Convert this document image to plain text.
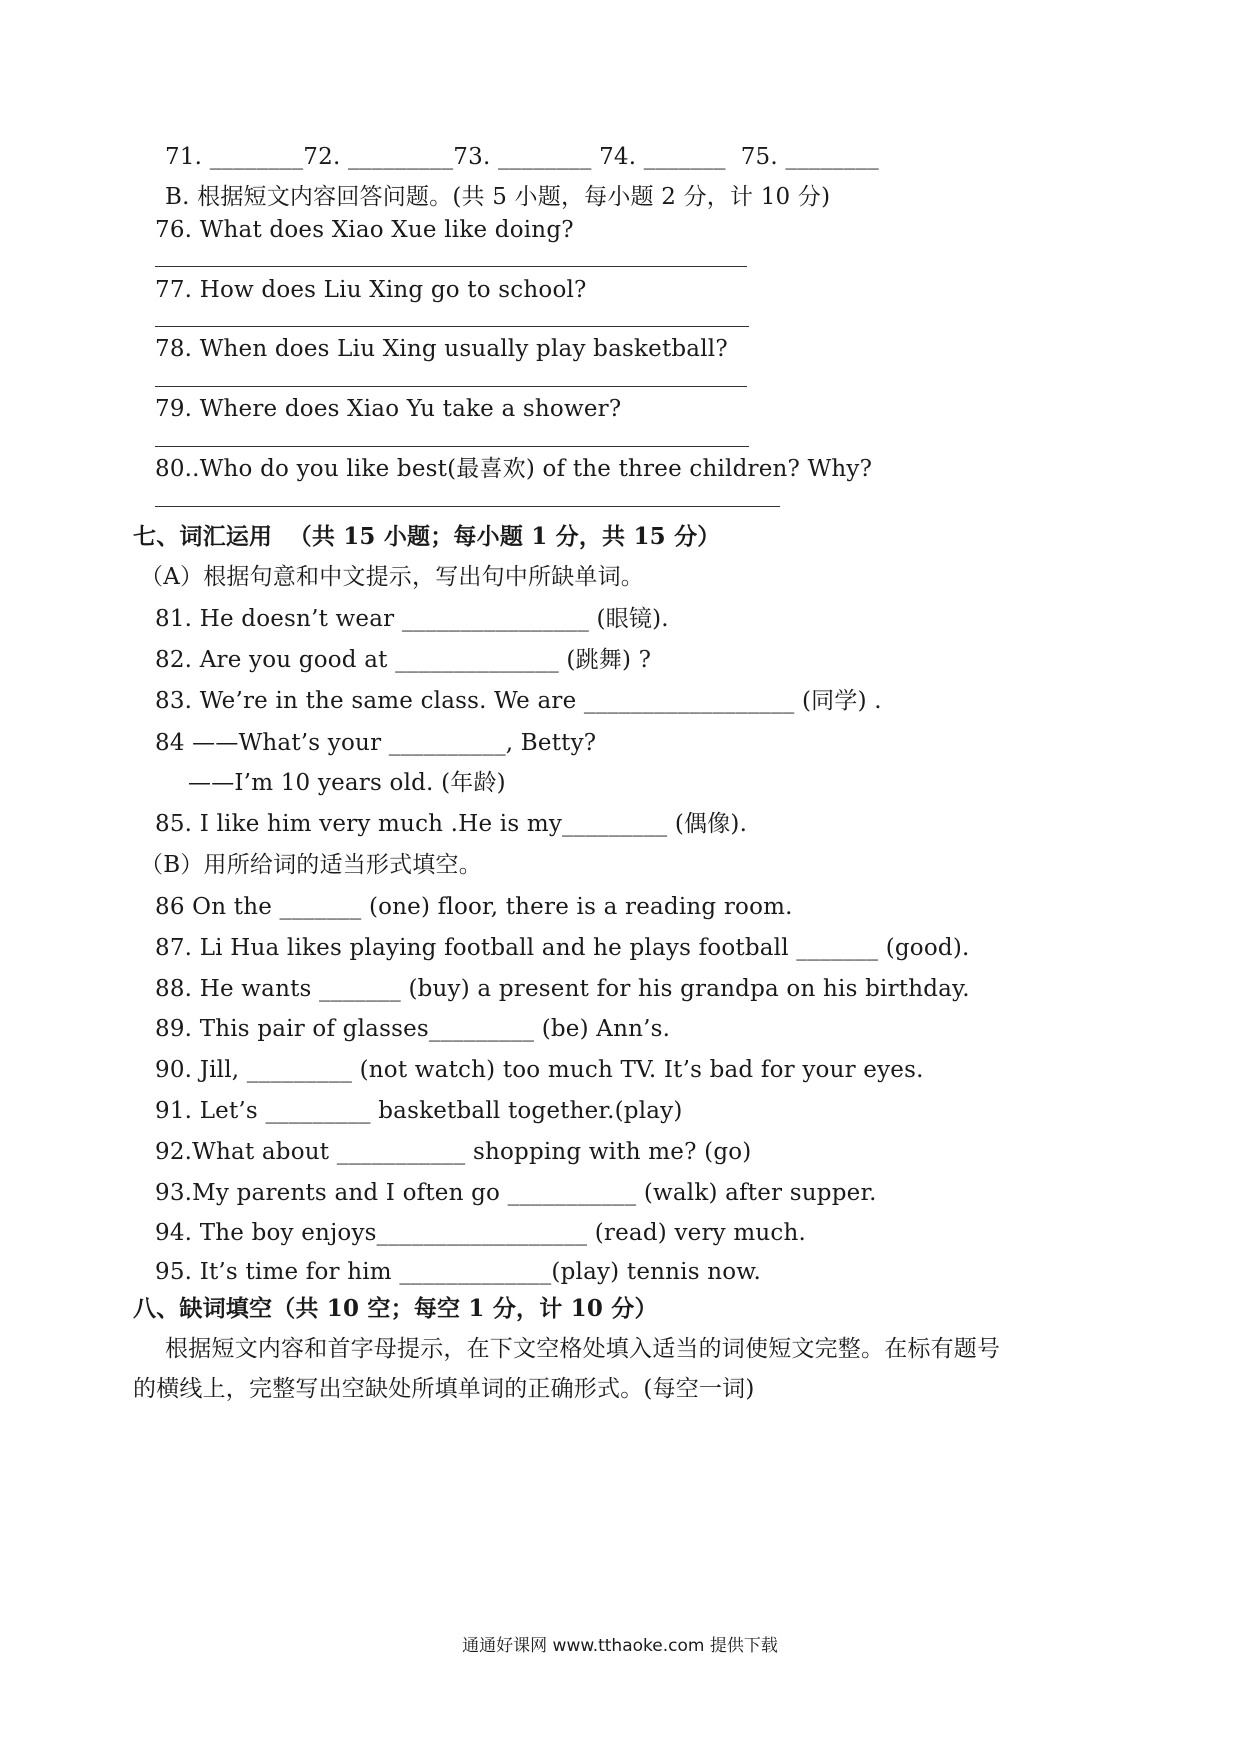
71. ________72. _________73. ________ 74. _______  75. ________
B. 根据短文内容回答问题。(共 5 小题，每小题 2 分，计 10 分)
76. What does Xiao Xue like doing?
77. How does Liu Xing go to school?
78. When does Liu Xing usually play basketball?
79. Where does Xiao Yu take a shower?
80..Who do you like best(最喜欢) of the three children? Why?
七、词汇运用  （共 15 小题；每小题 1 分，共 15 分）
（A）根据句意和中文提示，写出句中所缺单词。
81. He doesn’t wear ________________ (眼镜).
82. Are you good at ______________ (跳舞) ?
83. We’re in the same class. We are __________________ (同学) .
84 ——What’s your __________, Betty?
——I’m 10 years old. (年龄)
85. I like him very much .He is my_________ (偶像).
（B）用所给词的适当形式填空。
86 On the _______ (one) floor, there is a reading room.
87. Li Hua likes playing football and he plays football _______ (good).
88. He wants _______ (buy) a present for his grandpa on his birthday.
89. This pair of glasses_________ (be) Ann’s.
90. Jill, _________ (not watch) too much TV. It’s bad for your eyes.
91. Let’s _________ basketball together.(play)
92.What about ___________ shopping with me? (go)
93.My parents and I often go ___________ (walk) after supper.
94. The boy enjoys__________________ (read) very much.
95. It’s time for him _____________(play) tennis now.
八、缺词填空（共 10 空；每空 1 分，计 10 分）
根据短文内容和首字母提示，在下文空格处填入适当的词使短文完整。在标有题号
的横线上，完整写出空缺处所填单词的正确形式。(每空一词)
通通好课网 www.tthaoke.com 提供下载
